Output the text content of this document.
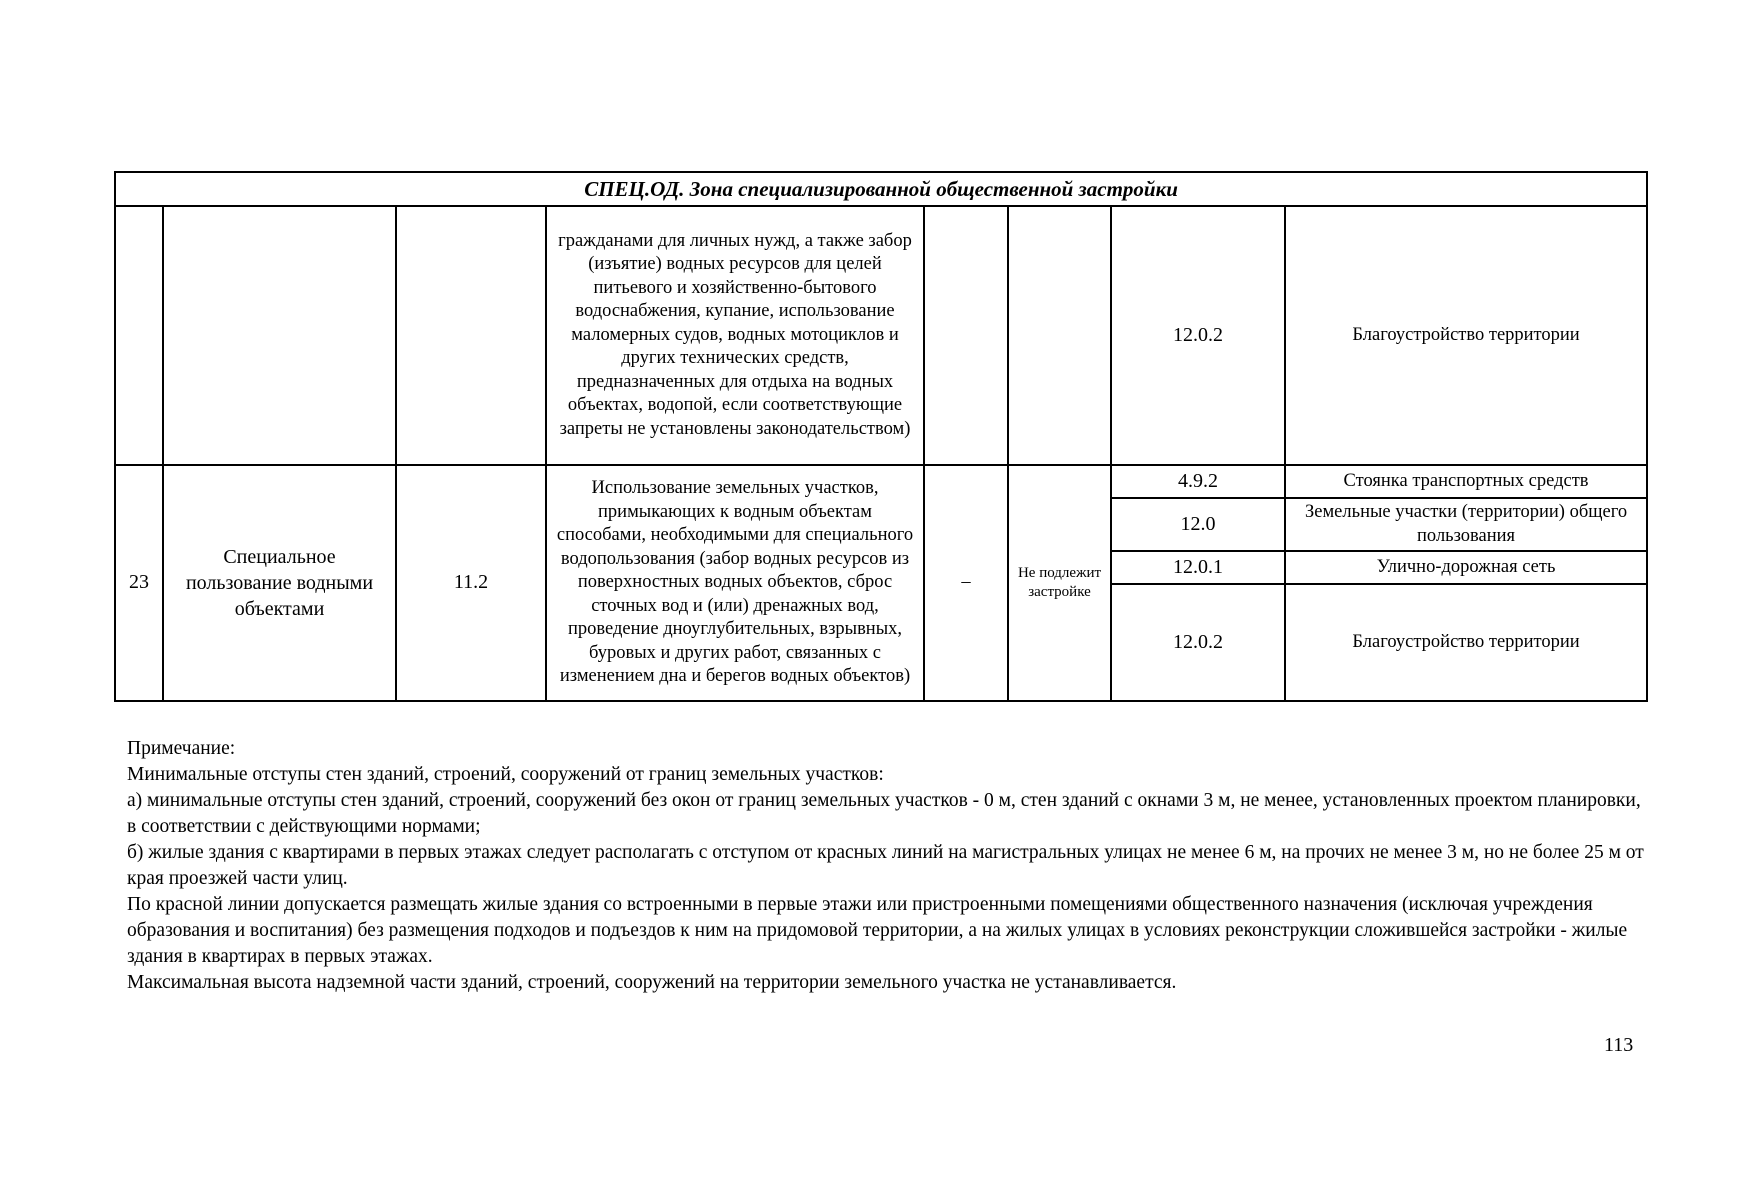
СПЕЦ.ОД. Зона специализированной общественной застройки							
			гражданами для личных нужд, а также забор (изъятие) водных ресурсов для целей питьевого и хозяйственно-бытового водоснабжения, купание, использование маломерных судов, водных мотоциклов и других технических средств, предназначенных для отдыха на водных объектах, водопой, если соответствующие запреты не установлены законодательством)			12.0.2	Благоустройство территории
23	Специальное пользование водными объектами	11.2	Использование земельных участков, примыкающих к водным объектам способами, необходимыми для специального водопользования (забор водных ресурсов из поверхностных водных объектов, сброс сточных вод и (или) дренажных вод, проведение дноуглубительных, взрывных, буровых и других работ, связанных с изменением дна и берегов водных объектов)	–	Не подлежит застройке	4.9.2	Стоянка транспортных средств
						12.0	Земельные участки (территории) общего пользования
						12.0.1	Улично-дорожная сеть
						12.0.2	Благоустройство территории

Примечание:

Минимальные отступы стен зданий, строений, сооружений от границ земельных участков:

а) минимальные отступы стен зданий, строений, сооружений без окон от границ земельных участков - 0 м, стен зданий с окнами 3 м, не менее, установленных проектом планировки, в соответствии с действующими нормами;

б) жилые здания с квартирами в первых этажах следует располагать с отступом от красных линий на магистральных улицах не менее 6 м, на прочих не менее 3 м, но не более 25 м от края проезжей части улиц.

По красной линии допускается размещать жилые здания со встроенными в первые этажи или пристроенными помещениями общественного назначения (исключая учреждения образования и воспитания) без размещения подходов и подъездов к ним на придомовой территории, а на жилых улицах в условиях реконструкции сложившейся застройки - жилые здания в квартирах в первых этажах.

Максимальная высота надземной части зданий, строений, сооружений на территории земельного участка не устанавливается.

113
